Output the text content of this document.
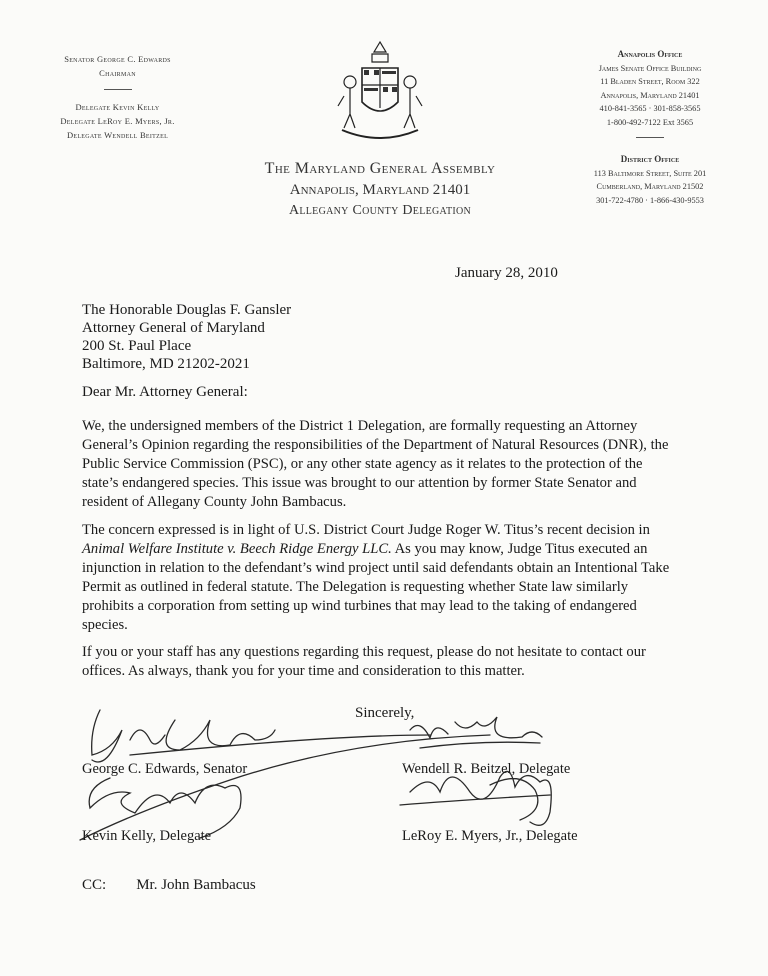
Senator George C. Edwards
Chairman
Delegate Kevin Kelly
Delegate LeRoy E. Myers, Jr.
Delegate Wendell Beitzel
Annapolis Office
James Senate Office Building
11 Bladen Street, Room 322
Annapolis, Maryland 21401
410-841-3565 · 301-858-3565
1-800-492-7122 Ext 3565
District Office
113 Baltimore Street, Suite 201
Cumberland, Maryland 21502
301-722-4780 · 1-866-430-9553
The Maryland General Assembly
Annapolis, Maryland 21401
Allegany County Delegation
January 28, 2010
The Honorable Douglas F. Gansler
Attorney General of Maryland
200 St. Paul Place
Baltimore, MD 21202-2021
Dear Mr. Attorney General:
We, the undersigned members of the District 1 Delegation, are formally requesting an Attorney General’s Opinion regarding the responsibilities of the Department of Natural Resources (DNR), the Public Service Commission (PSC), or any other state agency as it relates to the protection of the state’s endangered species. This issue was brought to our attention by former State Senator and resident of Allegany County John Bambacus.
The concern expressed is in light of U.S. District Court Judge Roger W. Titus’s recent decision in Animal Welfare Institute v. Beech Ridge Energy LLC. As you may know, Judge Titus executed an injunction in relation to the defendant’s wind project until said defendants obtain an Intentional Take Permit as outlined in federal statute. The Delegation is requesting whether State law similarly prohibits a corporation from setting up wind turbines that may lead to the taking of endangered species.
If you or your staff has any questions regarding this request, please do not hesitate to contact our offices. As always, thank you for your time and consideration to this matter.
Sincerely,
George C. Edwards, Senator	Wendell R. Beitzel, Delegate
Kevin Kelly, Delegate	LeRoy E. Myers, Jr., Delegate
CC: Mr. John Bambacus
